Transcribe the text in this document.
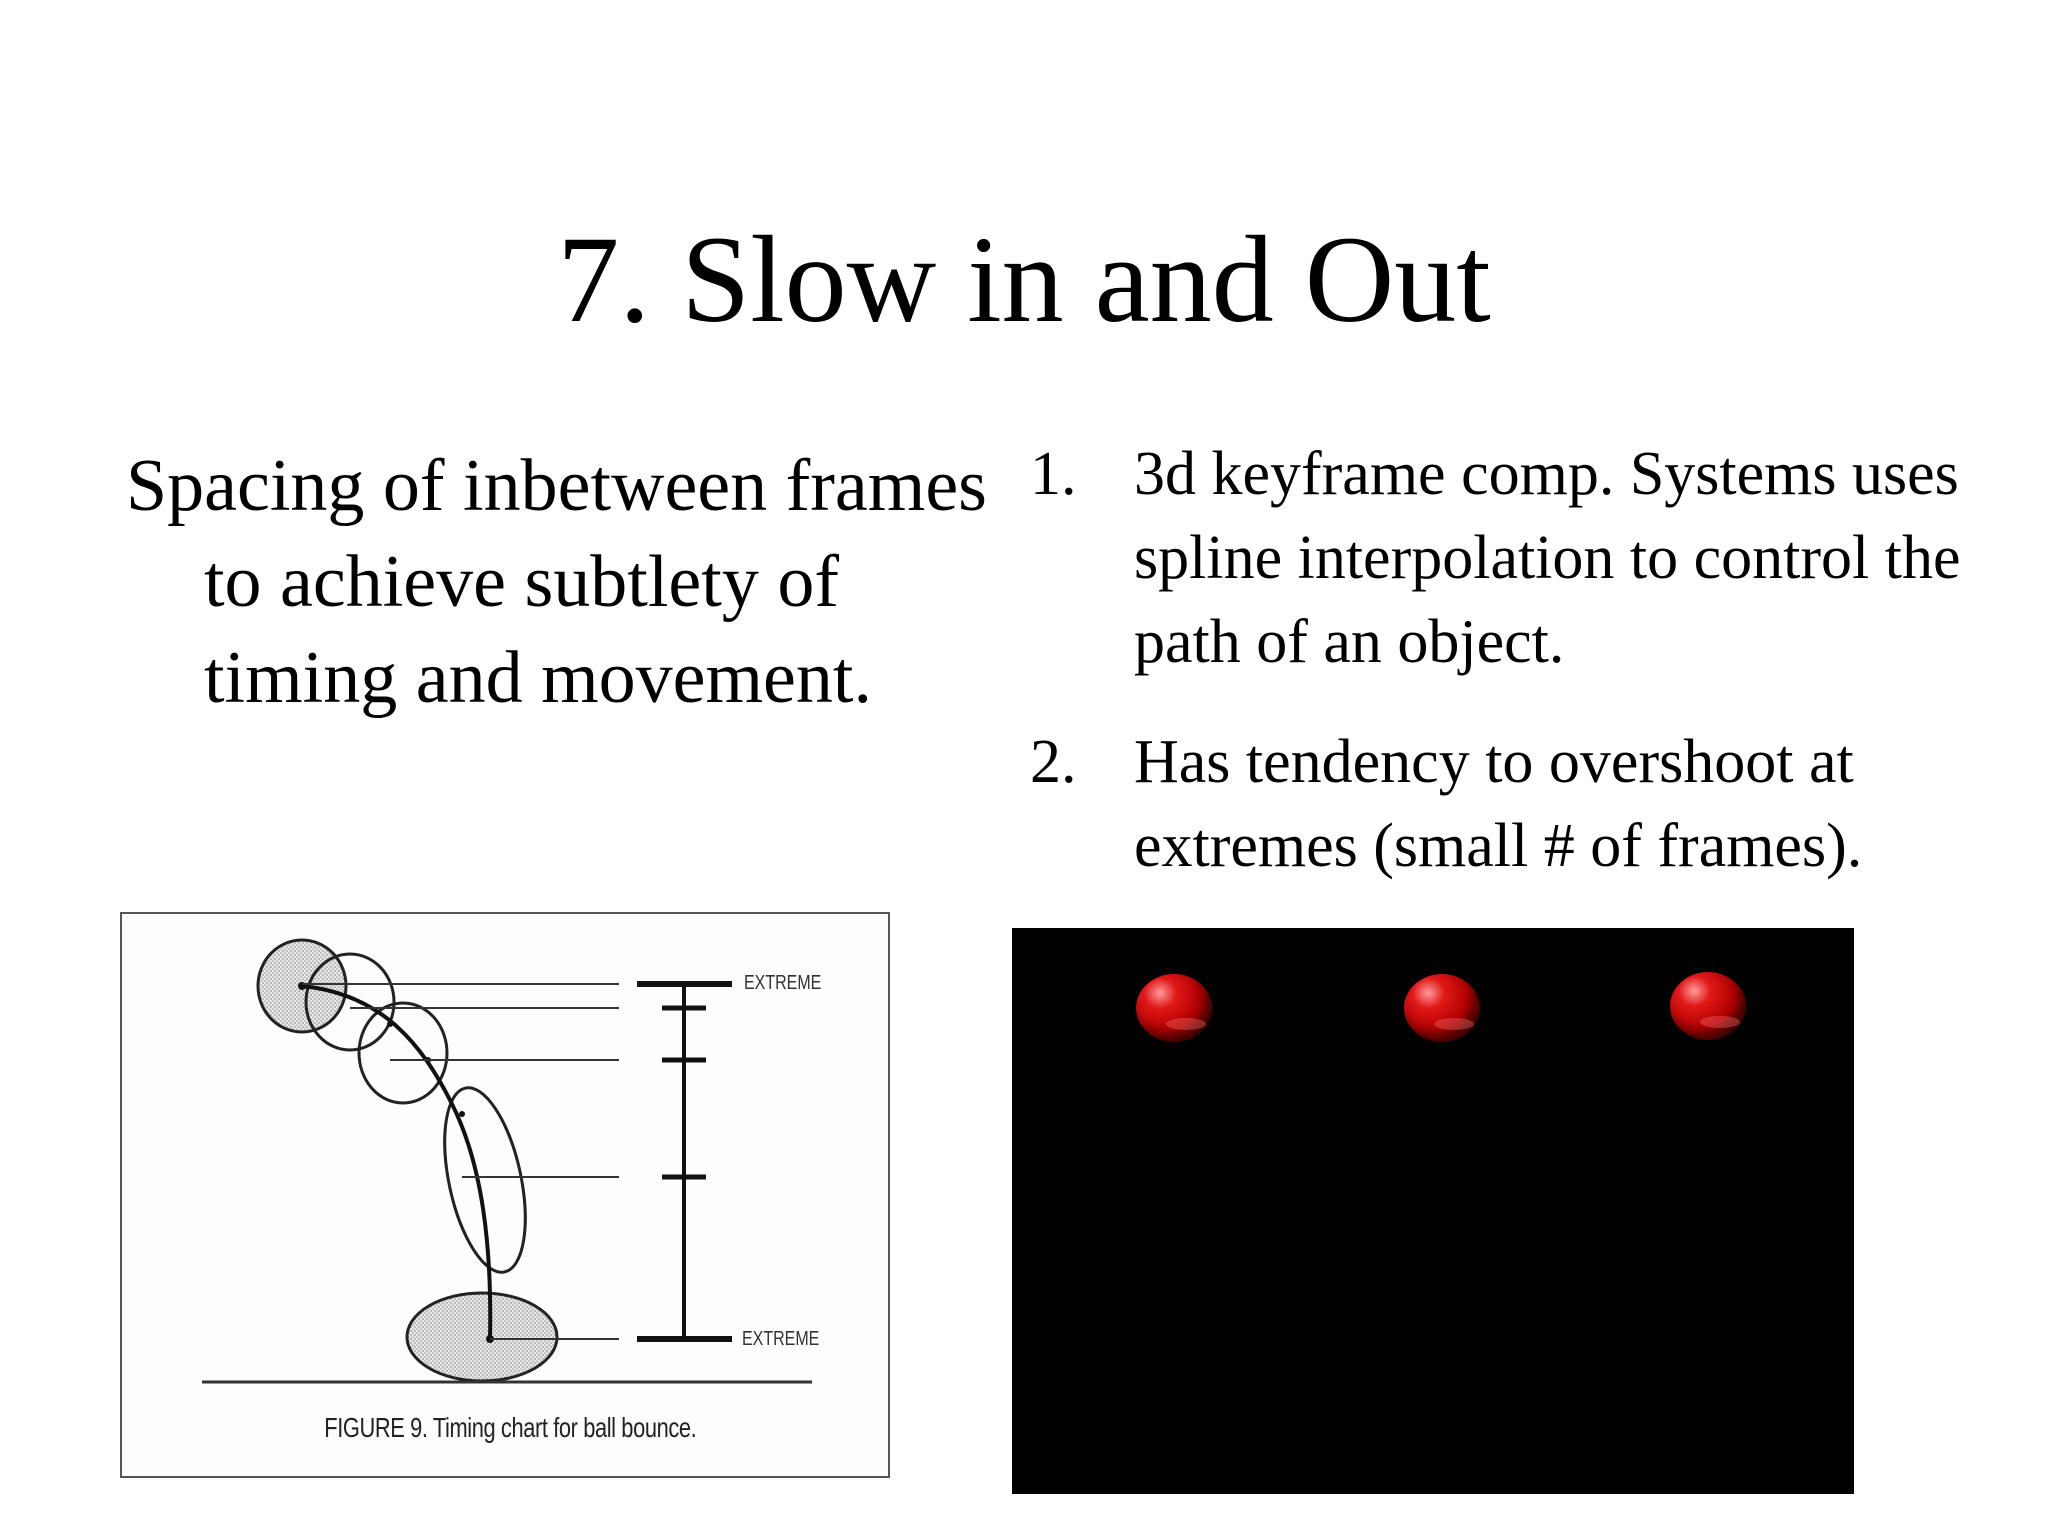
7. Slow in and Out

Spacing of inbetween frames to achieve subtlety of timing and movement.

1. 3d keyframe comp. Systems uses spline interpolation to control the path of an object.
2. Has tendency to overshoot at extremes (small # of frames).
EXTREME
EXTREME
FIGURE 9. Timing chart for ball bounce.
